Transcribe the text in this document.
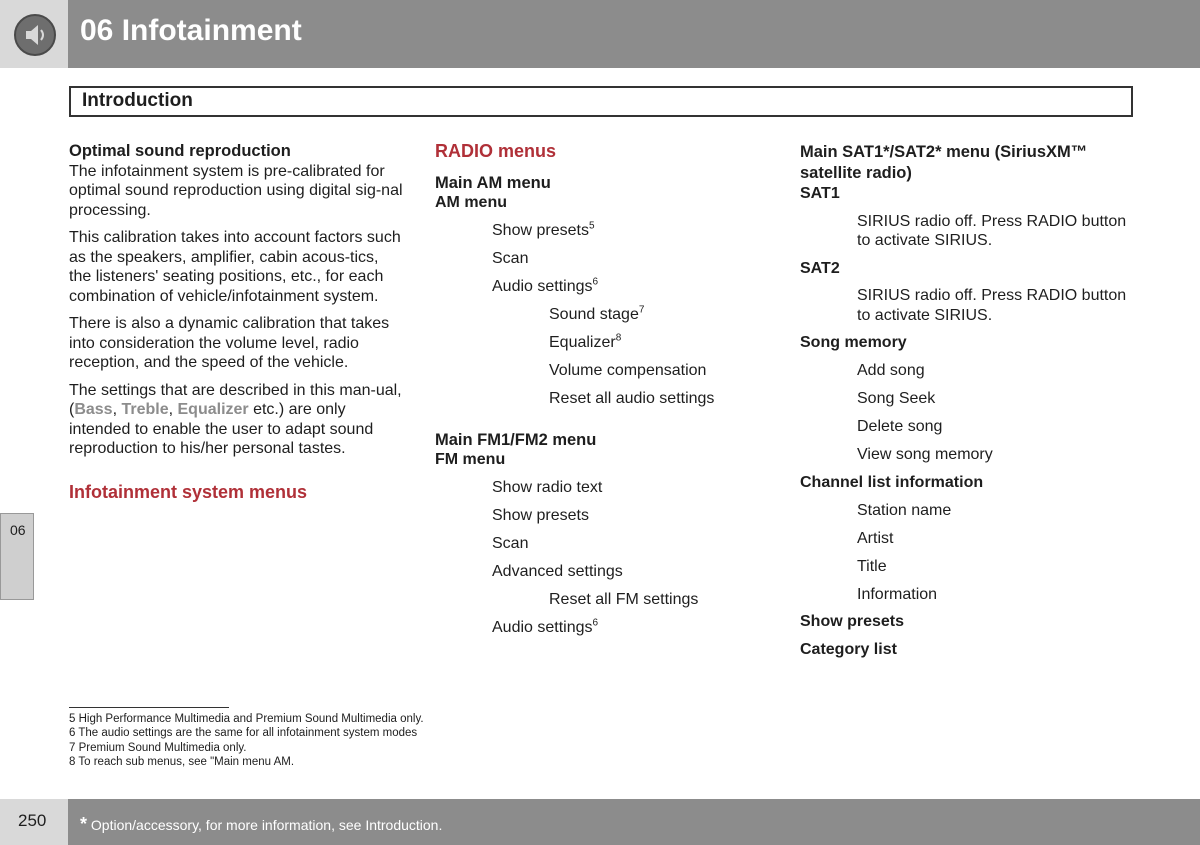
06 Infotainment
Introduction
Optimal sound reproduction

The infotainment system is pre-calibrated for optimal sound reproduction using digital sig-nal processing.

This calibration takes into account factors such as the speakers, amplifier, cabin acous-tics, the listeners' seating positions, etc., for each combination of vehicle/infotainment system.

There is also a dynamic calibration that takes into consideration the volume level, radio reception, and the speed of the vehicle.

The settings that are described in this man-ual, (Bass, Treble, Equalizer etc.) are only intended to enable the user to adapt sound reproduction to his/her personal tastes.

Infotainment system menus
RADIO menus
Main AM menu
AM menu
Show presets$^5$
Scan
Audio settings$^6$
Sound stage$^7$
Equalizer$^8$
Volume compensation
Reset all audio settings
Main FM1/FM2 menu
FM menu
Show radio text
Show presets
Scan
Advanced settings
Reset all FM settings
Audio settings$^6$
Main SAT1*/SAT2* menu (SiriusXM™ satellite radio)
SAT1
SIRIUS radio off. Press RADIO button to activate SIRIUS.
SAT2
SIRIUS radio off. Press RADIO button to activate SIRIUS.
Song memory
Add song
Song Seek
Delete song
View song memory
Channel list information
Station name
Artist
Title
Information
Show presets
Category list
06
5 High Performance Multimedia and Premium Sound Multimedia only.
6 The audio settings are the same for all infotainment system modes
7 Premium Sound Multimedia only.
8 To reach sub menus, see "Main menu AM.
250 * Option/accessory, for more information, see Introduction.
